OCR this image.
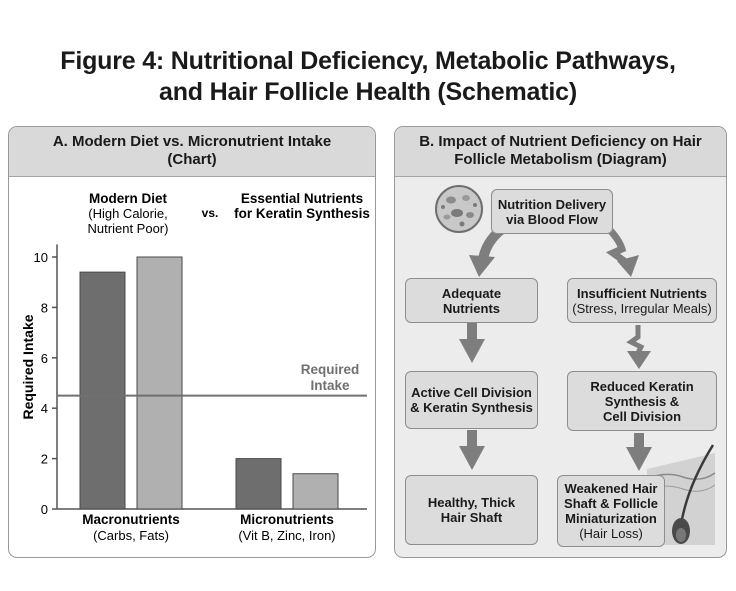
Figure 4: Nutritional Deficiency, Metabolic Pathways,
and Hair Follicle Health (Schematic)
A. Modern Diet vs. Micronutrient Intake
(Chart)
Modern Diet
(High Calorie,
Nutrient Poor)
vs.
Essential Nutrients
for Keratin Synthesis
Required Intake	Required
Intake
0
2
4
6
8
10
Macronutrients
(Carbs, Fats)
Micronutrients
(Vit B, Zinc, Iron)
B. Impact of Nutrient Deficiency on Hair
Follicle Metabolism (Diagram)
Nutrition Delivery
via Blood Flow
Adequate
Nutrients
Insufficient Nutrients
(Stress, Irregular Meals)
Active Cell Division
& Keratin Synthesis
Reduced Keratin
Synthesis &
Cell Division
Healthy, Thick
Hair Shaft
Weakened Hair
Shaft & Follicle
Miniaturization
(Hair Loss)
